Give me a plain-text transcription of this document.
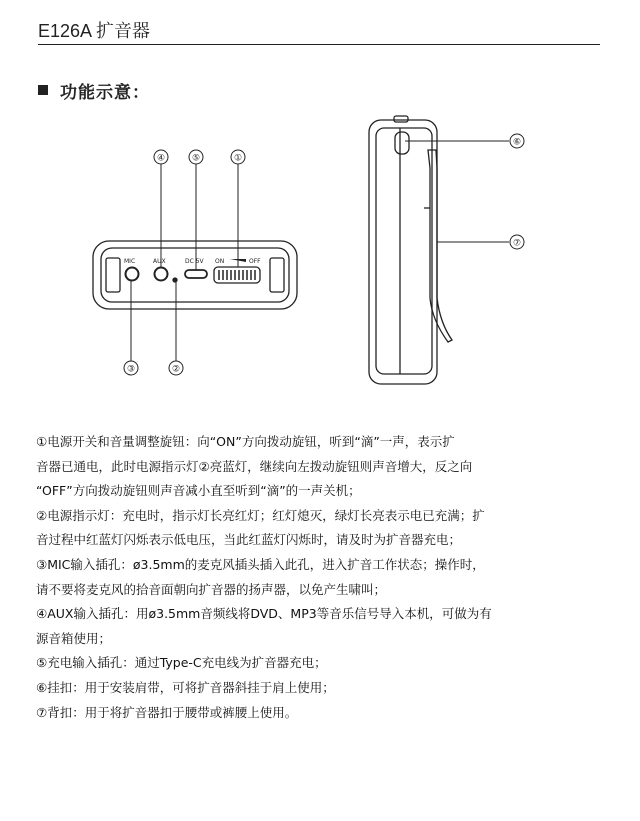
E126A 扩音器
功能示意：
MIC	AUX	DC 5V ON	OFF
④	⑤	①
③	②
⑥
⑦
①电源开关和音量调整旋钮：向“ON”方向拨动旋钮，听到“滴”一声，表示扩
音器已通电，此时电源指示灯②亮蓝灯，继续向左拨动旋钮则声音增大，反之向
“OFF”方向拨动旋钮则声音减小直至听到“滴”的一声关机；
②电源指示灯：充电时，指示灯长亮红灯；红灯熄灭，绿灯长亮表示电已充满；扩
音过程中红蓝灯闪烁表示低电压，当此红蓝灯闪烁时，请及时为扩音器充电；
③MIC输入插孔：ø3.5mm的麦克风插头插入此孔，进入扩音工作状态；操作时，
请不要将麦克风的拾音面朝向扩音器的扬声器，以免产生啸叫；
④AUX输入插孔：用ø3.5mm音频线将DVD、MP3等音乐信号导入本机，可做为有
源音箱使用；
⑤充电输入插孔：通过Type-C充电线为扩音器充电；
⑥挂扣：用于安装肩带，可将扩音器斜挂于肩上使用；
⑦背扣：用于将扩音器扣于腰带或裤腰上使用。
